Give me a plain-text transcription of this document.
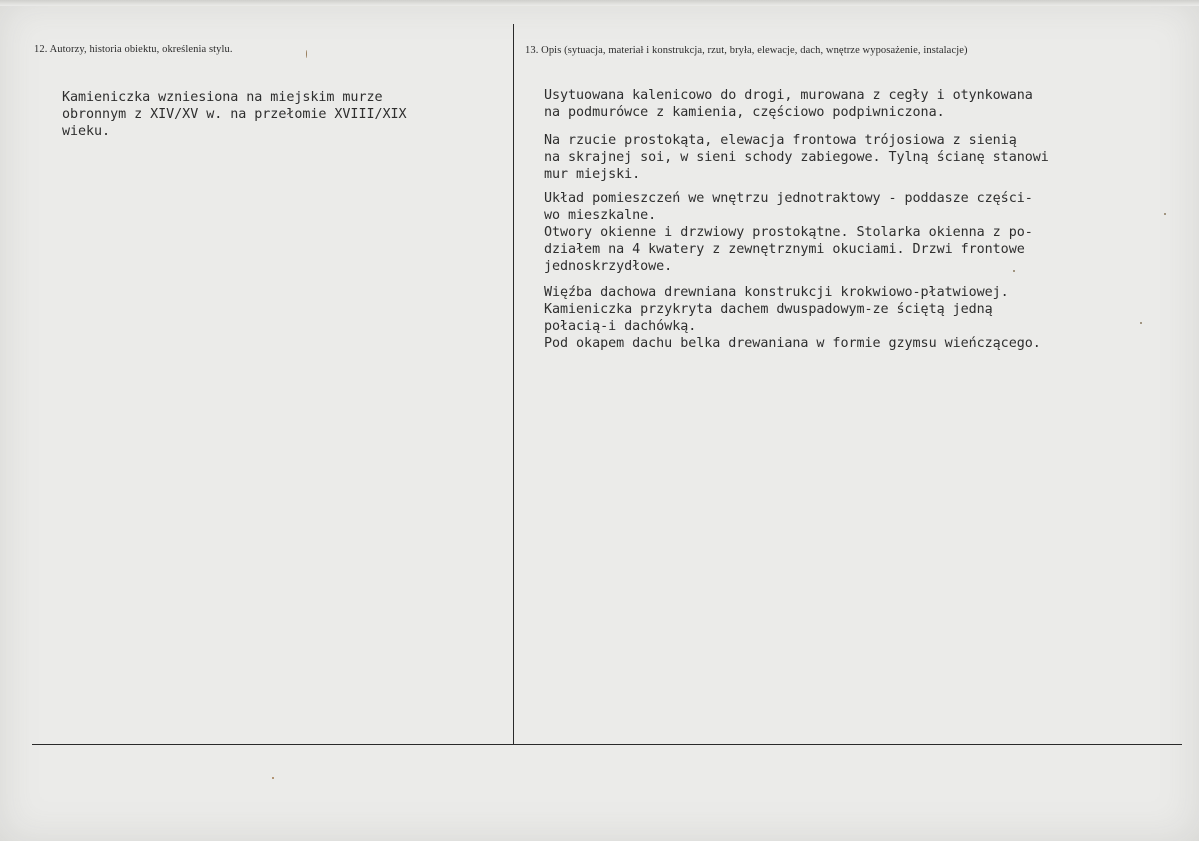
12. Autorzy, historia obiektu, określenia stylu.	13. Opis (sytuacja, materiał i konstrukcja, rzut, bryła, elewacje, dach, wnętrze wyposażenie, instalacje)
Kamieniczka wzniesiona na miejskim murze
obronnym z XIV/XV w. na przełomie XVIII/XIX
wieku.
Usytuowana kalenicowo do drogi, murowana z cegły i otynkowana
na podmurówce z kamienia, częściowo podpiwniczona.
Na rzucie prostokąta, elewacja frontowa trójosiowa z sienią
na skrajnej soi, w sieni schody zabiegowe. Tylną ścianę stanowi
mur miejski.
Układ pomieszczeń we wnętrzu jednotraktowy - poddasze części-
wo mieszkalne.
Otwory okienne i drzwiowy prostokątne. Stolarka okienna z po-
działem na 4 kwatery z zewnętrznymi okuciami. Drzwi frontowe
jednoskrzydłowe.
Więźba dachowa drewniana konstrukcji krokwiowo-płatwiowej.
Kamieniczka przykryta dachem dwuspadowym-ze ściętą jedną
połacią-i dachówką.
Pod okapem dachu belka drewaniana w formie gzymsu wieńczącego.
